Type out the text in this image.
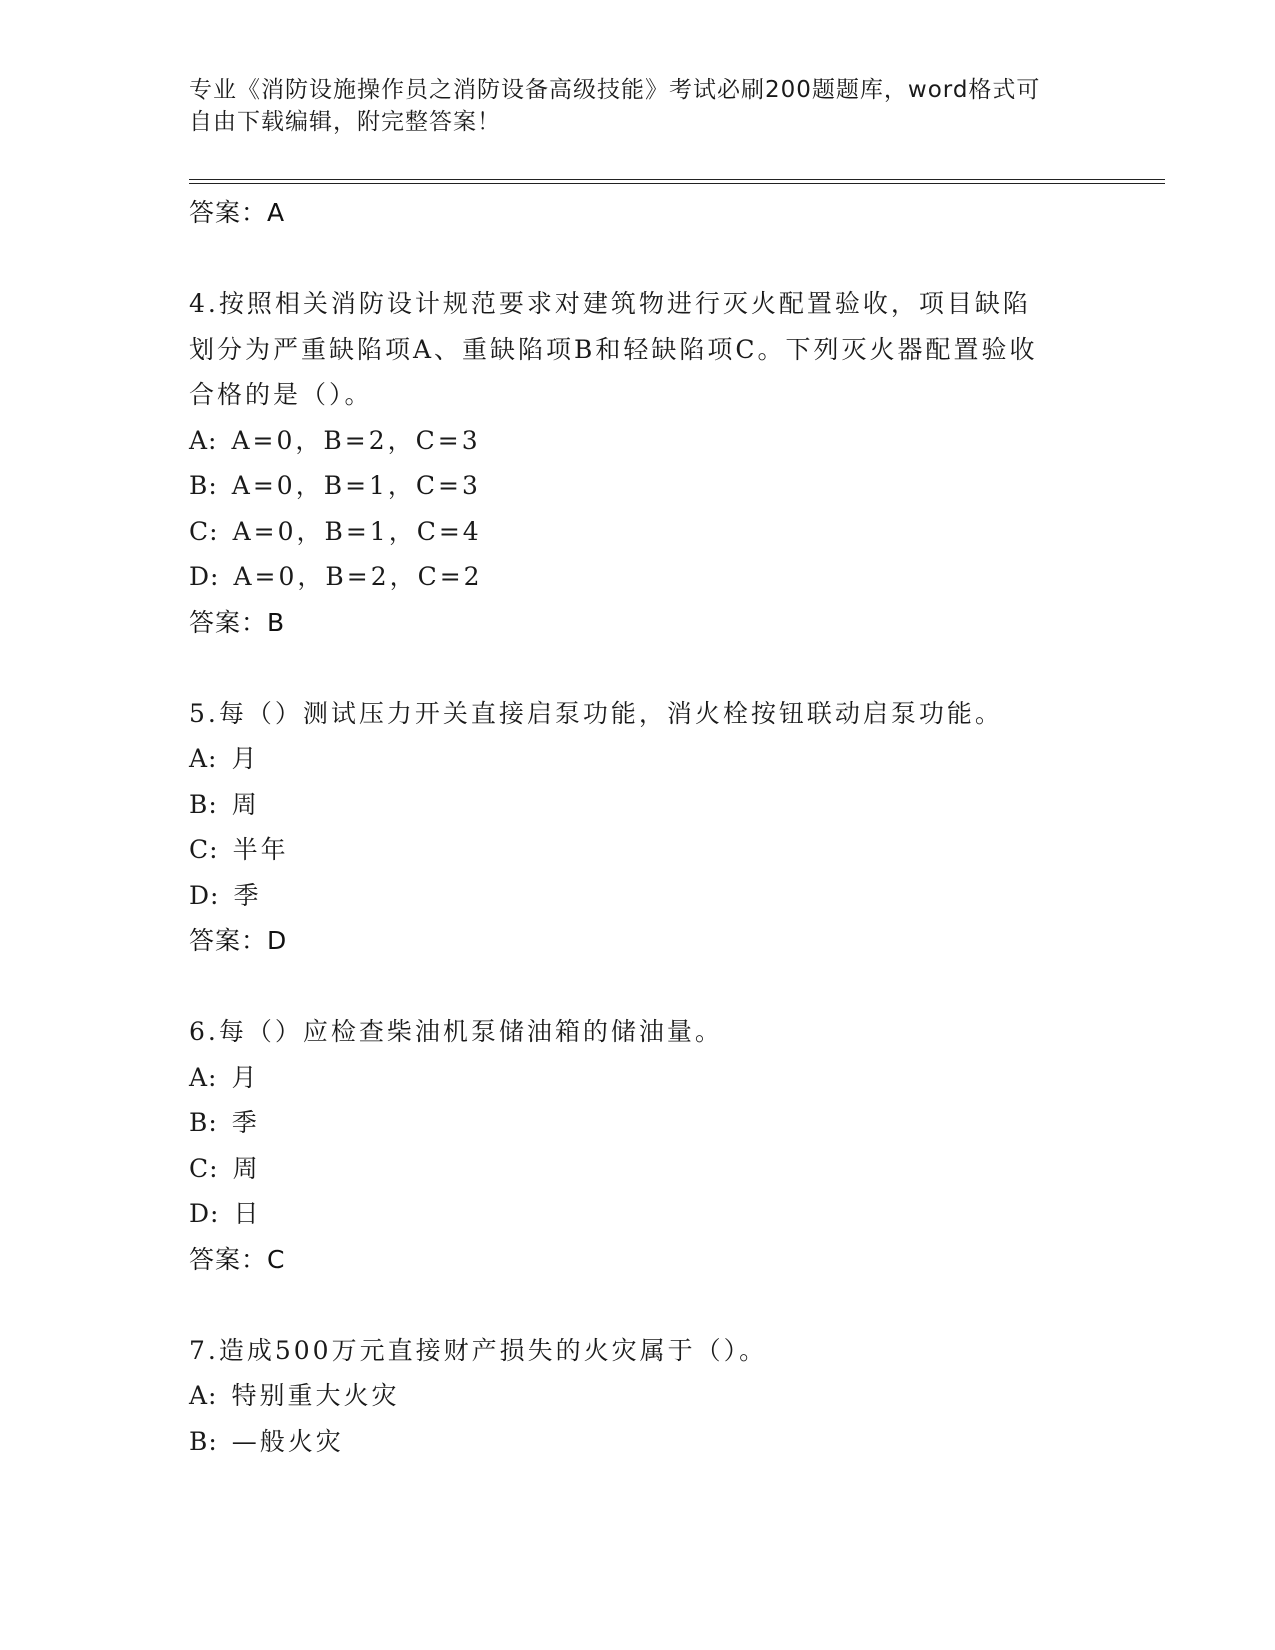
专业《消防设施操作员之消防设备高级技能》考试必刷200题题库，word格式可
自由下载编辑，附完整答案！
答案：A
4.按照相关消防设计规范要求对建筑物进行灭火配置验收，项目缺陷
划分为严重缺陷项A、重缺陷项B和轻缺陷项C。下列灭火器配置验收
合格的是（）。
A: A=0，B=2，C=3
B: A=0，B=1，C=3
C: A=0，B=1，C=4
D: A=0，B=2，C=2
答案：B
5.每（）测试压力开关直接启泵功能，消火栓按钮联动启泵功能。
A: 月
B: 周
C: 半年
D: 季
答案：D
6.每（）应检查柴油机泵储油箱的储油量。
A: 月
B: 季
C: 周
D: 日
答案：C
7.造成500万元直接财产损失的火灾属于（）。
A: 特别重大火灾
B: —般火灾
